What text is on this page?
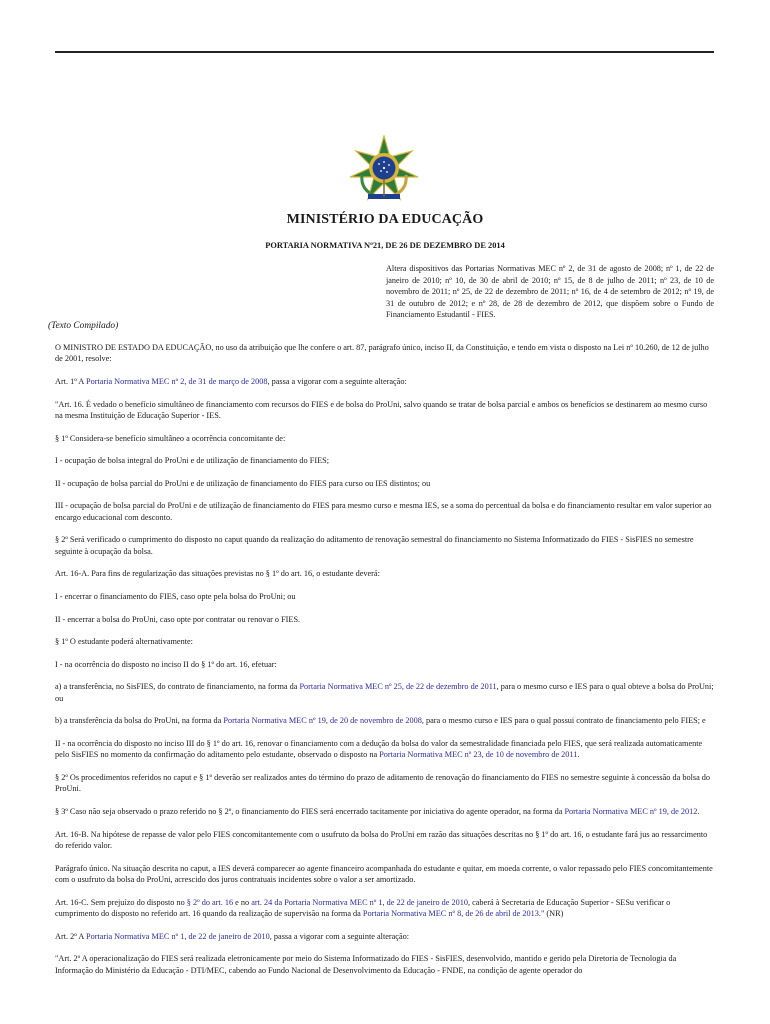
MINISTÉRIO DA EDUCAÇÃO
PORTARIA NORMATIVA Nº21, DE 26 DE DEZEMBRO DE 2014
Altera dispositivos das Portarias Normativas MEC nº 2, de 31 de agosto de 2008; nº 1, de 22 de janeiro de 2010; nº 10, de 30 de abril de 2010; nº 15, de 8 de julho de 2011; nº 23, de 10 de novembro de 2011; nº 25, de 22 de dezembro de 2011; nº 16, de 4 de setembro de 2012; nº 19, de 31 de outubro de 2012; e nº 28, de 28 de dezembro de 2012, que dispõem sobre o Fundo de Financiamento Estudantil - FIES.
(Texto Compilado)

O MINISTRO DE ESTADO DA EDUCAÇÃO, no uso da atribuição que lhe confere o art. 87, parágrafo único, inciso II, da Constituição, e tendo em vista o disposto na Lei nº 10.260, de 12 de julho de 2001, resolve:

Art. 1º A Portaria Normativa MEC nº 2, de 31 de março de 2008, passa a vigorar com a seguinte alteração:

"Art. 16. É vedado o benefício simultâneo de financiamento com recursos do FIES e de bolsa do ProUni, salvo quando se tratar de bolsa parcial e ambos os benefícios se destinarem ao mesmo curso na mesma Instituição de Educação Superior - IES.

§ 1º Considera-se benefício simultâneo a ocorrência concomitante de:

I - ocupação de bolsa integral do ProUni e de utilização de financiamento do FIES;

II - ocupação de bolsa parcial do ProUni e de utilização de financiamento do FIES para curso ou IES distintos; ou

III - ocupação de bolsa parcial do ProUni e de utilização de financiamento do FIES para mesmo curso e mesma IES, se a soma do percentual da bolsa e do financiamento resultar em valor superior ao encargo educacional com desconto.

§ 2º Será verificado o cumprimento do disposto no caput quando da realização do aditamento de renovação semestral do financiamento no Sistema Informatizado do FIES - SisFIES no semestre seguinte à ocupação da bolsa.

Art. 16-A. Para fins de regularização das situações previstas no § 1º do art. 16, o estudante deverá:

I - encerrar o financiamento do FIES, caso opte pela bolsa do ProUni; ou

II - encerrar a bolsa do ProUni, caso opte por contratar ou renovar o FIES.

§ 1º O estudante poderá alternativamente:

I - na ocorrência do disposto no inciso II do § 1º do art. 16, efetuar:

a) a transferência, no SisFIES, do contrato de financiamento, na forma da Portaria Normativa MEC nº 25, de 22 de dezembro de 2011, para o mesmo curso e IES para o qual obteve a bolsa do ProUni; ou

b) a transferência da bolsa do ProUni, na forma da Portaria Normativa MEC nº 19, de 20 de novembro de 2008, para o mesmo curso e IES para o qual possui contrato de financiamento pelo FIES; e

II - na ocorrência do disposto no inciso III do § 1º do art. 16, renovar o financiamento com a dedução da bolsa do valor da semestralidade financiada pelo FIES, que será realizada automaticamente pelo SisFIES no momento da confirmação do aditamento pelo estudante, observado o disposto na Portaria Normativa MEC nº 23, de 10 de novembro de 2011.

§ 2º Os procedimentos referidos no caput e § 1º deverão ser realizados antes do término do prazo de aditamento de renovação do financiamento do FIES no semestre seguinte à concessão da bolsa do ProUni.

§ 3º Caso não seja observado o prazo referido no § 2º, o financiamento do FIES será encerrado tacitamente por iniciativa do agente operador, na forma da Portaria Normativa MEC nº 19, de 2012.

Art. 16-B. Na hipótese de repasse de valor pelo FIES concomitantemente com o usufruto da bolsa do ProUni em razão das situações descritas no § 1º do art. 16, o estudante fará jus ao ressarcimento do referido valor.

Parágrafo único. Na situação descrita no caput, a IES deverá comparecer ao agente financeiro acompanhada do estudante e quitar, em moeda corrente, o valor repassado pelo FIES concomitantemente com o usufruto da bolsa do ProUni, acrescido dos juros contratuais incidentes sobre o valor a ser amortizado.

Art. 16-C. Sem prejuízo do disposto no § 2º do art. 16 e no art. 24 da Portaria Normativa MEC nº 1, de 22 de janeiro de 2010, caberá à Secretaria de Educação Superior - SESu verificar o cumprimento do disposto no referido art. 16 quando da realização de supervisão na forma da Portaria Normativa MEC nº 8, de 26 de abril de 2013." (NR)

Art. 2º A Portaria Normativa MEC nº 1, de 22 de janeiro de 2010, passa a vigorar com a seguinte alteração:

"Art. 2º A operacionalização do FIES será realizada eletronicamente por meio do Sistema Informatizado do FIES - SisFIES, desenvolvido, mantido e gerido pela Diretoria de Tecnologia da Informação do Ministério da Educação - DTI/MEC, cabendo ao Fundo Nacional de Desenvolvimento da Educação - FNDE, na condição de agente operador do
